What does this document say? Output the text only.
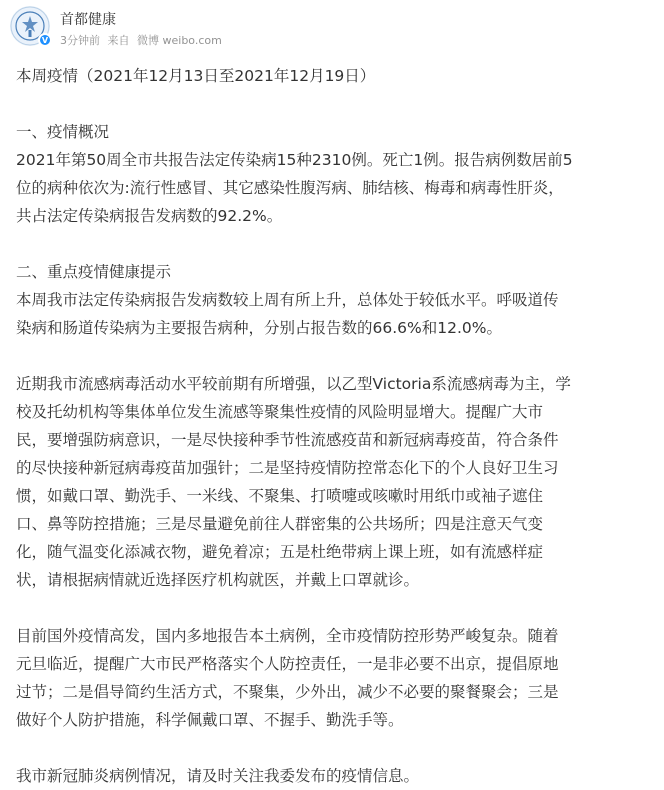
V
首都健康
3分钟前 来自 微博 weibo.com
本周疫情（2021年12月13日至2021年12月19日）
一、疫情概况
2021年第50周全市共报告法定传染病15种2310例。死亡1例。报告病例数居前5
位的病种依次为:流行性感冒、其它感染性腹泻病、肺结核、梅毒和病毒性肝炎，
共占法定传染病报告发病数的92.2%。
二、重点疫情健康提示
本周我市法定传染病报告发病数较上周有所上升，总体处于较低水平。呼吸道传
染病和肠道传染病为主要报告病种，分别占报告数的66.6%和12.0%。
近期我市流感病毒活动水平较前期有所增强，以乙型Victoria系流感病毒为主，学
校及托幼机构等集体单位发生流感等聚集性疫情的风险明显增大。提醒广大市
民，要增强防病意识，一是尽快接种季节性流感疫苗和新冠病毒疫苗，符合条件
的尽快接种新冠病毒疫苗加强针；二是坚持疫情防控常态化下的个人良好卫生习
惯，如戴口罩、勤洗手、一米线、不聚集、打喷嚏或咳嗽时用纸巾或袖子遮住
口、鼻等防控措施；三是尽量避免前往人群密集的公共场所；四是注意天气变
化，随气温变化添减衣物，避免着凉；五是杜绝带病上课上班，如有流感样症
状，请根据病情就近选择医疗机构就医，并戴上口罩就诊。
目前国外疫情高发，国内多地报告本土病例，全市疫情防控形势严峻复杂。随着
元旦临近，提醒广大市民严格落实个人防控责任，一是非必要不出京，提倡原地
过节；二是倡导简约生活方式，不聚集，少外出，减少不必要的聚餐聚会；三是
做好个人防护措施，科学佩戴口罩、不握手、勤洗手等。
我市新冠肺炎病例情况，请及时关注我委发布的疫情信息。
